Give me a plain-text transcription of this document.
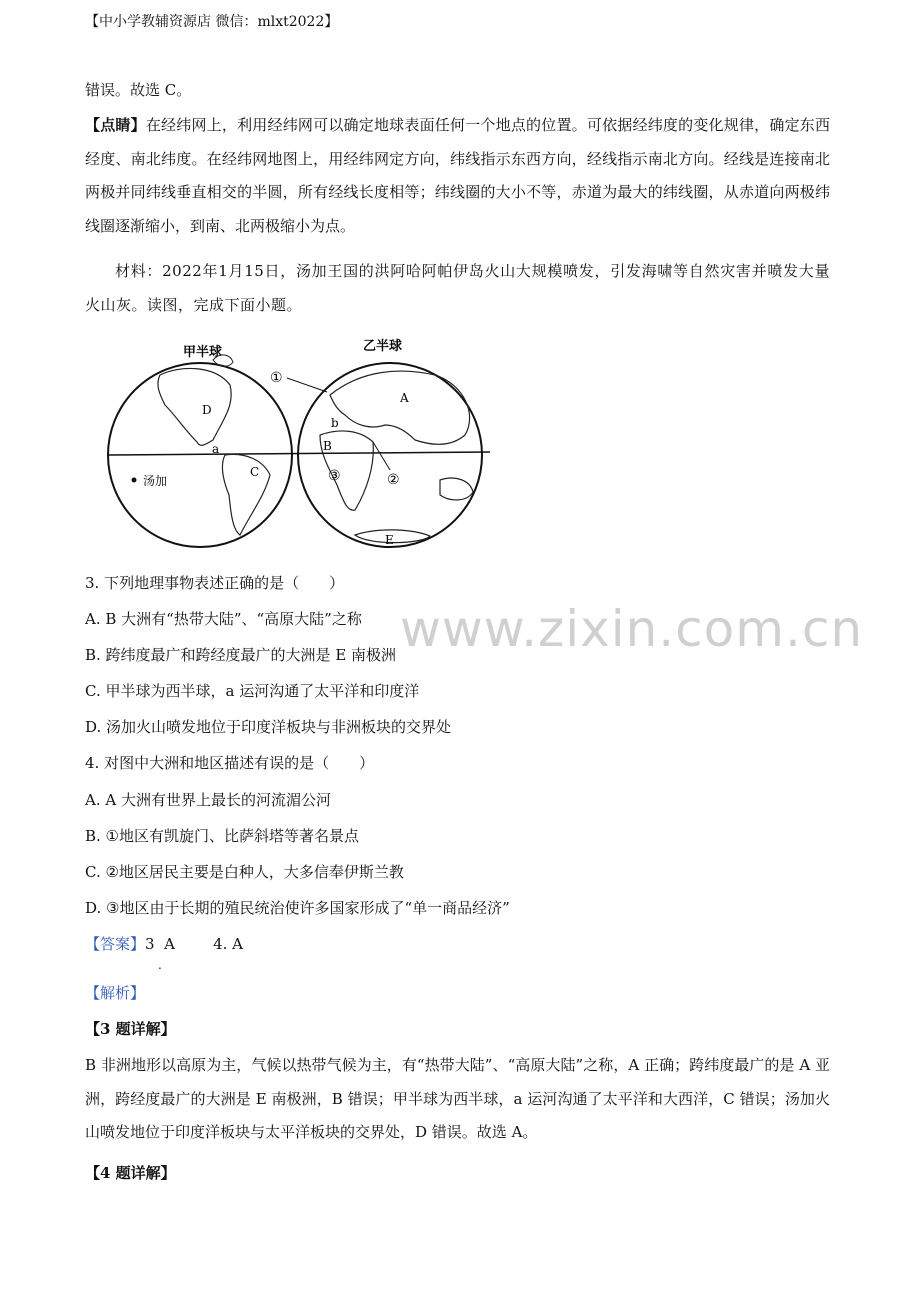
【中小学教辅资源店 微信：mlxt2022】
错误。故选 C。
【点睛】在经纬网上，利用经纬网可以确定地球表面任何一个地点的位置。可依据经纬度的变化规律，确定东西经度、南北纬度。在经纬网地图上，用经纬网定方向，纬线指示东西方向，经线指示南北方向。经线是连接南北两极并同纬线垂直相交的半圆，所有经线长度相等；纬线圈的大小不等，赤道为最大的纬线圈，从赤道向两极纬线圈逐渐缩小，到南、北两极缩小为点。
材料：2022年1月15日，汤加王国的洪阿哈阿帕伊岛火山大规模喷发，引发海啸等自然灾害并喷发大量火山灰。读图，完成下面小题。
甲半球	乙半球
汤加
D
C
a
A
B
b
E
①
②
③
3. 下列地理事物表述正确的是（　　）
A. B 大洲有“热带大陆”、“高原大陆”之称
B. 跨纬度最广和跨经度最广的大洲是 E 南极洲
C. 甲半球为西半球，a 运河沟通了太平洋和印度洋
D. 汤加火山喷发地位于印度洋板块与非洲板块的交界处
4. 对图中大洲和地区描述有误的是（　　）
A. A 大洲有世界上最长的河流湄公河
B. ①地区有凯旋门、比萨斜塔等著名景点
C. ②地区居民主要是白种人，大多信奉伊斯兰教
D. ③地区由于长期的殖民统治使许多国家形成了“单一商品经济”
【答案】3  A        4. A
.
【解析】
【3 题详解】
B 非洲地形以高原为主，气候以热带气候为主，有“热带大陆”、“高原大陆”之称，A 正确；跨纬度最广的是 A 亚洲，跨经度最广的大洲是 E 南极洲，B 错误；甲半球为西半球，a 运河沟通了太平洋和大西洋，C 错误；汤加火山喷发地位于印度洋板块与太平洋板块的交界处，D 错误。故选 A。
【4 题详解】
www.zixin.com.cn
